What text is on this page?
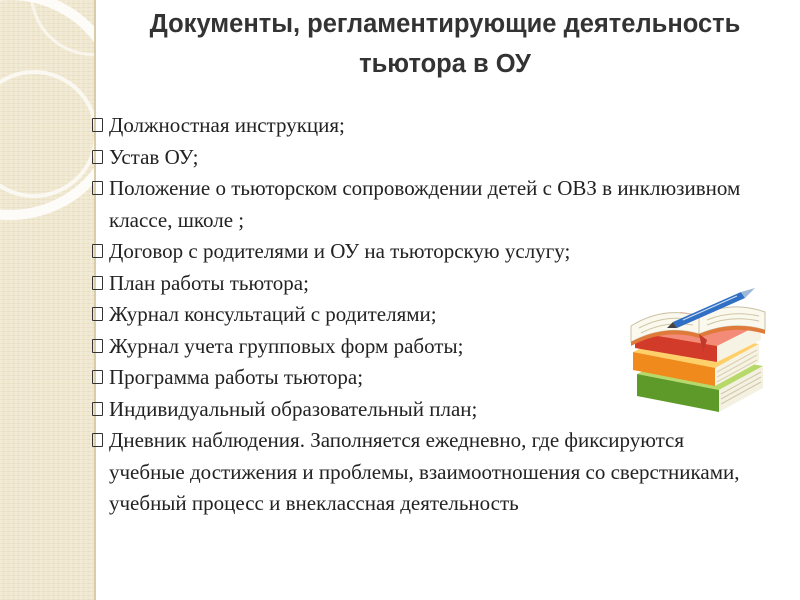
Документы, регламентирующие деятельность
тьютора в ОУ
Должностная инструкция;
Устав ОУ;
Положение о тьюторском сопровождении детей с ОВЗ в инклюзивном классе, школе ;
Договор с родителями и ОУ на тьюторскую услугу;
План работы тьютора;
Журнал консультаций с родителями;
Журнал учета групповых форм работы;
Программа работы тьютора;
Индивидуальный образовательный план;
Дневник наблюдения. Заполняется ежедневно, где фиксируются    учебные достижения и проблемы, взаимоотношения со сверстниками, учебный процесс и внеклассная деятельность
